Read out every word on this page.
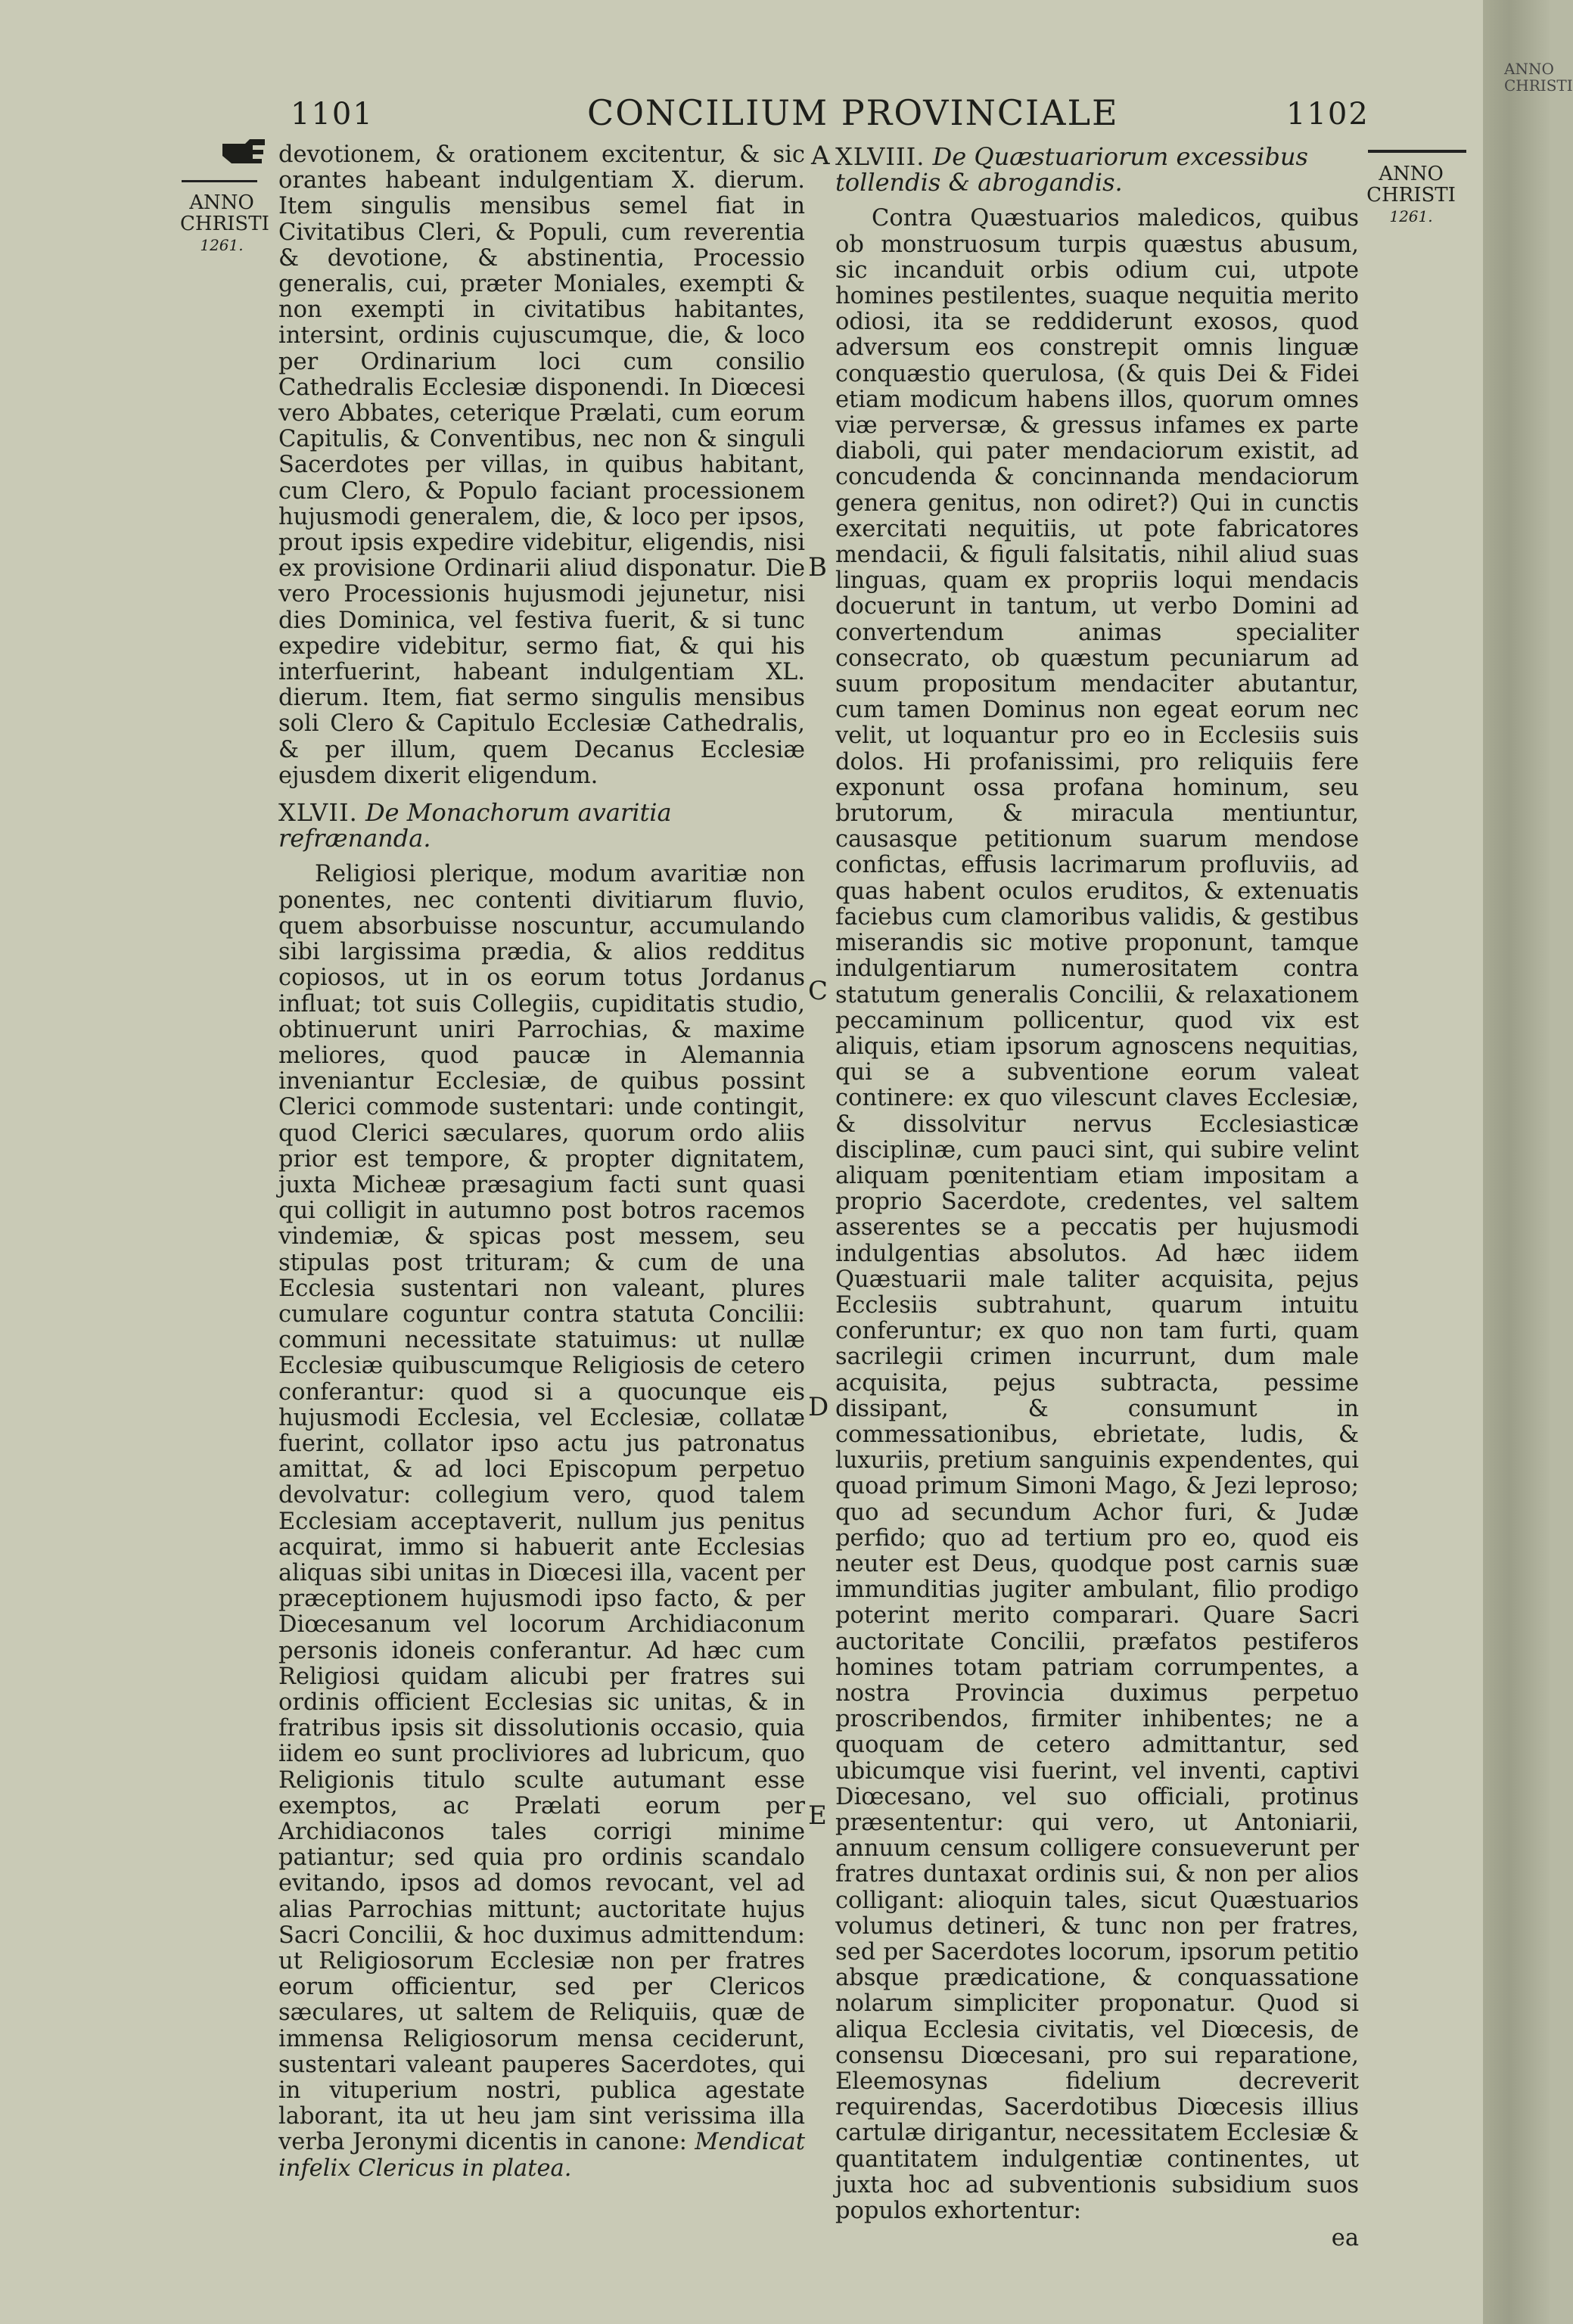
ANNO CHRISTI
1101	CONCILIUM PROVINCIALE	1102
ANNO
CHRISTI
1261.
ANNO
CHRISTI
1261.
A
B
C
D
E

devotionem, & orationem excitentur, & sic orantes habeant indulgentiam X. dierum. Item singulis mensibus semel fiat in Civitatibus Cleri, & Populi, cum reverentia & devotione, & abstinentia, Processio generalis, cui, præter Moniales, exempti & non exempti in civitatibus habitantes, intersint, ordinis cujuscumque, die, & loco per Ordinarium loci cum consilio Cathedralis Ecclesiæ disponendi. In Diœcesi vero Abbates, ceterique Prælati, cum eorum Capitulis, & Conventibus, nec non & singuli Sacerdotes per villas, in quibus habitant, cum Clero, & Populo faciant processionem hujusmodi generalem, die, & loco per ipsos, prout ipsis expedire videbitur, eligendis, nisi ex provisione Ordinarii aliud disponatur. Die vero Processionis hujusmodi jejunetur, nisi dies Dominica, vel festiva fuerit, & si tunc expedire videbitur, sermo fiat, & qui his interfuerint, habeant indulgentiam XL. dierum. Item, fiat sermo singulis mensibus soli Clero & Capitulo Ecclesiæ Cathedralis, & per illum, quem Decanus Ecclesiæ ejusdem dixerit eligendum.

XLVII. De Monachorum avaritia refrænanda.

Religiosi plerique, modum avaritiæ non ponentes, nec contenti divitiarum fluvio, quem absorbuisse noscuntur, accumulando sibi largissima prædia, & alios redditus copiosos, ut in os eorum totus Jordanus influat; tot suis Collegiis, cupiditatis studio, obtinuerunt uniri Parrochias, & maxime meliores, quod paucæ in Alemannia inveniantur Ecclesiæ, de quibus possint Clerici commode sustentari: unde contingit, quod Clerici sæculares, quorum ordo aliis prior est tempore, & propter dignitatem, juxta Micheæ præsagium facti sunt quasi qui colligit in autumno post botros racemos vindemiæ, & spicas post messem, seu stipulas post trituram; & cum de una Ecclesia sustentari non valeant, plures cumulare coguntur contra statuta Concilii: communi necessitate statuimus: ut nullæ Ecclesiæ quibuscumque Religiosis de cetero conferantur: quod si a quocunque eis hujusmodi Ecclesia, vel Ecclesiæ, collatæ fuerint, collator ipso actu jus patronatus amittat, & ad loci Episcopum perpetuo devolvatur: collegium vero, quod talem Ecclesiam acceptaverit, nullum jus penitus acquirat, immo si habuerit ante Ecclesias aliquas sibi unitas in Diœcesi illa, vacent per præceptionem hujusmodi ipso facto, & per Diœcesanum vel locorum Archidiaconum personis idoneis conferantur. Ad hæc cum Religiosi quidam alicubi per fratres sui ordinis officient Ecclesias sic unitas, & in fratribus ipsis sit dissolutionis occasio, quia iidem eo sunt procliviores ad lubricum, quo Religionis titulo sculte autumant esse exemptos, ac Prælati eorum per Archidiaconos tales corrigi minime patiantur; sed quia pro ordinis scandalo evitando, ipsos ad domos revocant, vel ad alias Parrochias mittunt; auctoritate hujus Sacri Concilii, & hoc duximus admittendum: ut Religiosorum Ecclesiæ non per fratres eorum officientur, sed per Clericos sæculares, ut saltem de Reliquiis, quæ de immensa Religiosorum mensa ceciderunt, sustentari valeant pauperes Sacerdotes, qui in vituperium nostri, publica agestate laborant, ita ut heu jam sint verissima illa verba Jeronymi dicentis in canone: Mendicat infelix Clericus in platea.

XLVIII. De Quæstuariorum excessibus tollendis & abrogandis.

Contra Quæstuarios maledicos, quibus ob monstruosum turpis quæstus abusum, sic incanduit orbis odium cui, utpote homines pestilentes, suaque nequitia merito odiosi, ita se reddiderunt exosos, quod adversum eos constrepit omnis linguæ conquæstio querulosa, (& quis Dei & Fidei etiam modicum habens illos, quorum omnes viæ perversæ, & gressus infames ex parte diaboli, qui pater mendaciorum existit, ad concudenda & concinnanda mendaciorum genera genitus, non odiret?) Qui in cunctis exercitati nequitiis, ut pote fabricatores mendacii, & figuli falsitatis, nihil aliud suas linguas, quam ex propriis loqui mendacis docuerunt in tantum, ut verbo Domini ad convertendum animas specialiter consecrato, ob quæstum pecuniarum ad suum propositum mendaciter abutantur, cum tamen Dominus non egeat eorum nec velit, ut loquantur pro eo in Ecclesiis suis dolos. Hi profanissimi, pro reliquiis fere exponunt ossa profana hominum, seu brutorum, & miracula mentiuntur, causasque petitionum suarum mendose confictas, effusis lacrimarum profluviis, ad quas habent oculos eruditos, & extenuatis faciebus cum clamoribus validis, & gestibus miserandis sic motive proponunt, tamque indulgentiarum numerositatem contra statutum generalis Concilii, & relaxationem peccaminum pollicentur, quod vix est aliquis, etiam ipsorum agnoscens nequitias, qui se a subventione eorum valeat continere: ex quo vilescunt claves Ecclesiæ, & dissolvitur nervus Ecclesiasticæ disciplinæ, cum pauci sint, qui subire velint aliquam pœnitentiam etiam impositam a proprio Sacerdote, credentes, vel saltem asserentes se a peccatis per hujusmodi indulgentias absolutos. Ad hæc iidem Quæstuarii male taliter acquisita, pejus Ecclesiis subtrahunt, quarum intuitu conferuntur; ex quo non tam furti, quam sacrilegii crimen incurrunt, dum male acquisita, pejus subtracta, pessime dissipant, & consumunt in commessationibus, ebrietate, ludis, & luxuriis, pretium sanguinis expendentes, qui quoad primum Simoni Mago, & Jezi leproso; quo ad secundum Achor furi, & Judæ perfido; quo ad tertium pro eo, quod eis neuter est Deus, quodque post carnis suæ immunditias jugiter ambulant, filio prodigo poterint merito comparari. Quare Sacri auctoritate Concilii, præfatos pestiferos homines totam patriam corrumpentes, a nostra Provincia duximus perpetuo proscribendos, firmiter inhibentes; ne a quoquam de cetero admittantur, sed ubicumque visi fuerint, vel inventi, captivi Diœcesano, vel suo officiali, protinus præsententur: qui vero, ut Antoniarii, annuum censum colligere consueverunt per fratres duntaxat ordinis sui, & non per alios colligant: alioquin tales, sicut Quæstuarios volumus detineri, & tunc non per fratres, sed per Sacerdotes locorum, ipsorum petitio absque prædicatione, & conquassatione nolarum simpliciter proponatur. Quod si aliqua Ecclesia civitatis, vel Diœcesis, de consensu Diœcesani, pro sui reparatione, Eleemosynas fidelium decreverit requirendas, Sacerdotibus Diœcesis illius cartulæ dirigantur, necessitatem Ecclesiæ & quantitatem indulgentiæ continentes, ut juxta hoc ad subventionis subsidium suos populos exhortentur:

ea
